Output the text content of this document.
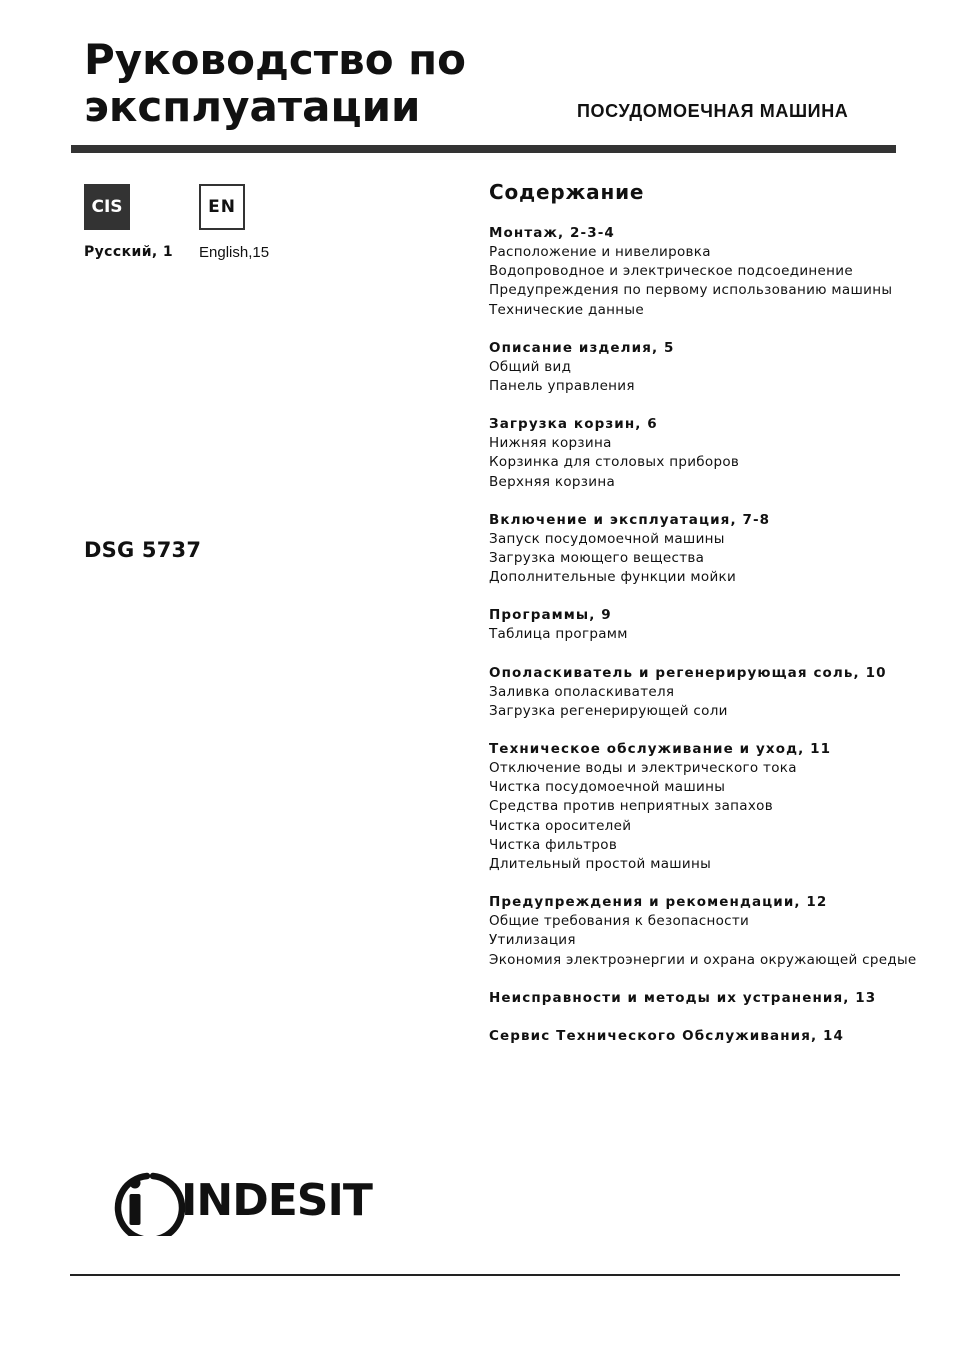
Руководство по
эксплуатации	ПОСУДОМОЕЧНАЯ МАШИНА
CIS	EN
Русский, 1 English,15
DSG 5737
Содержание
Монтаж, 2-3-4
Расположение и нивелировка
Водопроводное и электрическое подсоединение
Предупреждения по первому использованию машины
Технические данные
Описание изделия, 5
Общий вид
Панель управления
Загрузка корзин, 6
Нижняя корзина
Корзинка для столовых приборов
Верхняя корзина
Включение и эксплуатация, 7-8
Запуск посудомоечной машины
Загрузка моющего вещества
Дополнительные функции мойки
Программы, 9
Таблица программ
Ополаскиватель и регенерирующая соль, 10
Заливка ополаскивателя
Загрузка регенерирующей соли
Техническое обслуживание и уход, 11
Отключение воды и электрического тока
Чистка посудомоечной машины
Средства против неприятных запахов
Чистка оросителей
Чистка фильтров
Длительный простой машины
Предупреждения и рекомендации, 12
Общие требования к безопасности
Утилизация
Экономия электроэнергии и охрана окружающей средые
Неисправности и методы их устранения, 13
Сервис Технического Обслуживания, 14
INDESIT
